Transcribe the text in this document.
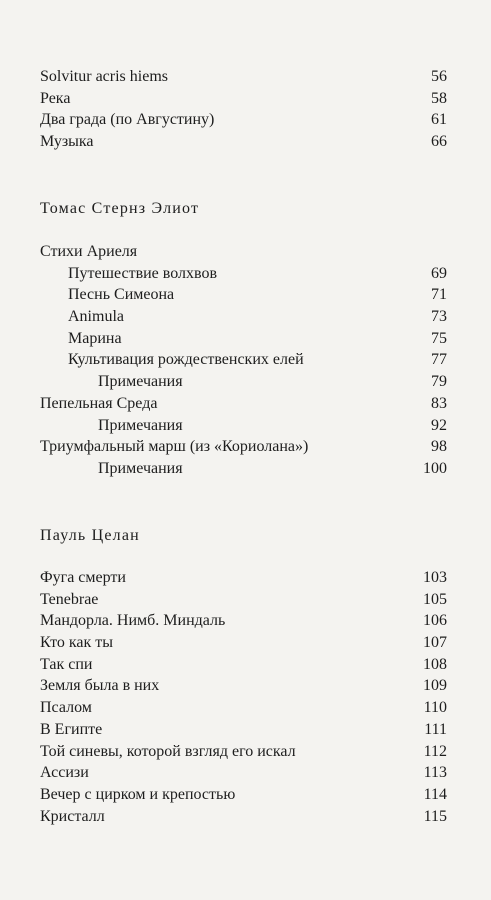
Solvitur acris hiems	56
Река	58
Два града (по Августину)	61
Музыка	66
Томас Стернз Элиот
Стихи Ариеля
Путешествие волхвов	69
Песнь Симеона	71
Animula	73
Марина	75
Культивация рождественских елей	77
Примечания	79
Пепельная Среда	83
Примечания	92
Триумфальный марш (из «Кориолана»)	98
Примечания	100
Пауль Целан
Фуга смерти	103
Tenebrae	105
Мандорла. Нимб. Миндаль	106
Кто как ты	107
Так спи	108
Земля была в них	109
Псалом	110
В Египте	111
Той синевы, которой взгляд его искал	112
Ассизи	113
Вечер с цирком и крепостью	114
Кристалл	115
